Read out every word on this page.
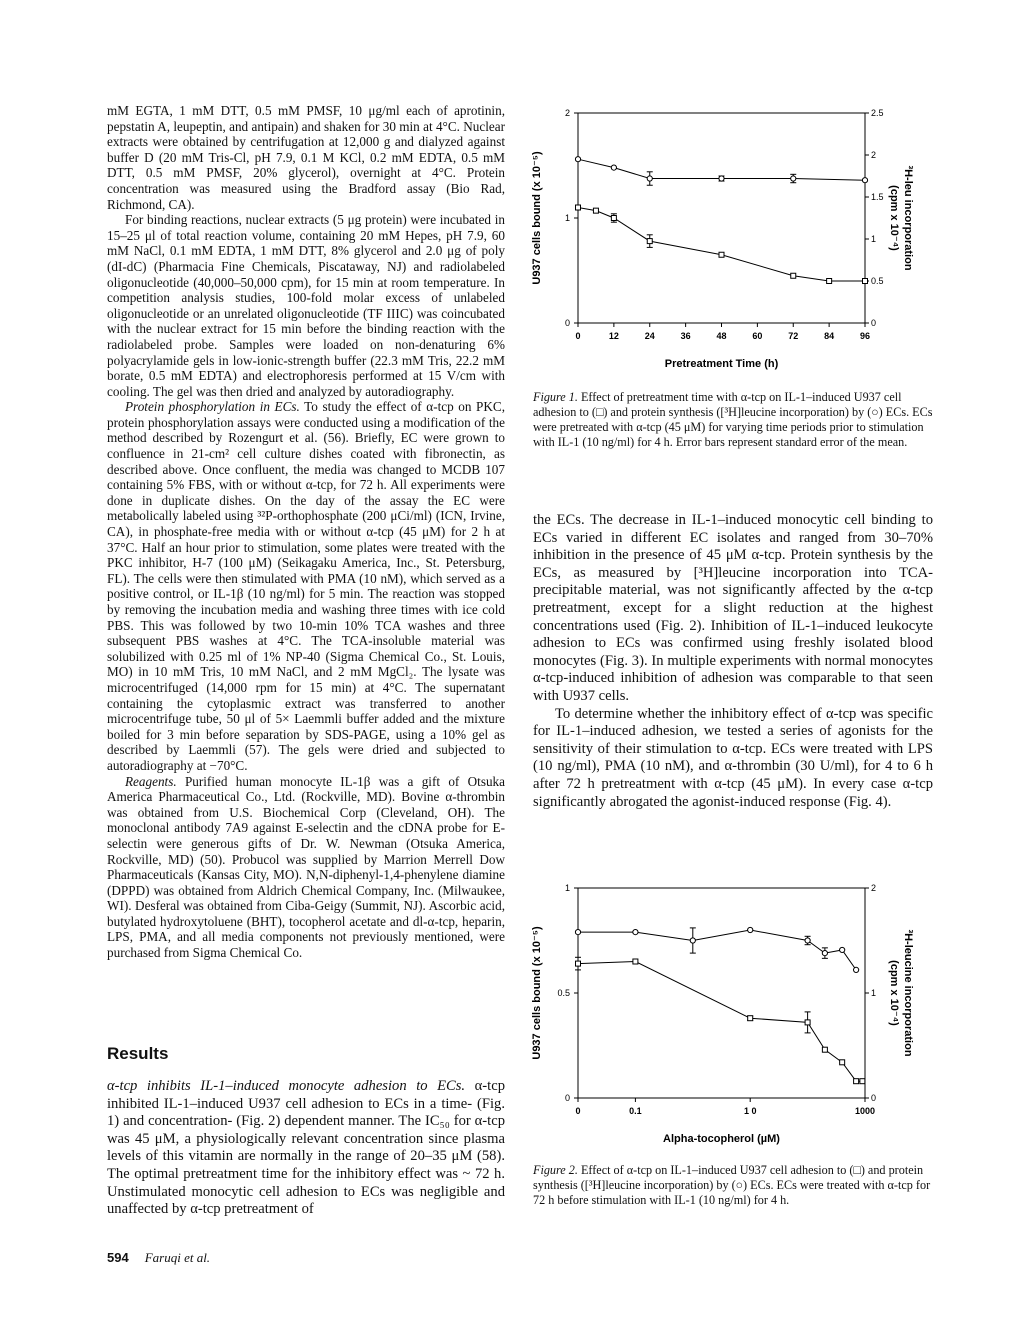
mM EGTA, 1 mM DTT, 0.5 mM PMSF, 10 μg/ml each of aprotinin, pepstatin A, leupeptin, and antipain) and shaken for 30 min at 4°C. Nuclear extracts were obtained by centrifugation at 12,000 g and dialyzed against buffer D (20 mM Tris-Cl, pH 7.9, 0.1 M KCl, 0.2 mM EDTA, 0.5 mM DTT, 0.5 mM PMSF, 20% glycerol), overnight at 4°C. Protein concentration was measured using the Bradford assay (Bio Rad, Richmond, CA).

For binding reactions, nuclear extracts (5 μg protein) were incubated in 15–25 μl of total reaction volume, containing 20 mM Hepes, pH 7.9, 60 mM NaCl, 0.1 mM EDTA, 1 mM DTT, 8% glycerol and 2.0 μg of poly (dI-dC) (Pharmacia Fine Chemicals, Piscataway, NJ) and radiolabeled oligonucleotide (40,000–50,000 cpm), for 15 min at room temperature. In competition analysis studies, 100-fold molar excess of unlabeled oligonucleotide or an unrelated oligonucleotide (TF IIIC) was coincubated with the nuclear extract for 15 min before the binding reaction with the radiolabeled probe. Samples were loaded on non-denaturing 6% polyacrylamide gels in low-ionic-strength buffer (22.3 mM Tris, 22.2 mM borate, 0.5 mM EDTA) and electrophoresis performed at 15 V/cm with cooling. The gel was then dried and analyzed by autoradiography.

Protein phosphorylation in ECs. To study the effect of α-tcp on PKC, protein phosphorylation assays were conducted using a modification of the method described by Rozengurt et al. (56). Briefly, EC were grown to confluence in 21-cm² cell culture dishes coated with fibronectin, as described above. Once confluent, the media was changed to MCDB 107 containing 5% FBS, with or without α-tcp, for 72 h. All experiments were done in duplicate dishes. On the day of the assay the EC were metabolically labeled using ³²P-orthophosphate (200 μCi/ml) (ICN, Irvine, CA), in phosphate-free media with or without α-tcp (45 μM) for 2 h at 37°C. Half an hour prior to stimulation, some plates were treated with the PKC inhibitor, H-7 (100 μM) (Seikagaku America, Inc., St. Petersburg, FL). The cells were then stimulated with PMA (10 nM), which served as a positive control, or IL-1β (10 ng/ml) for 5 min. The reaction was stopped by removing the incubation media and washing three times with ice cold PBS. This was followed by two 10-min 10% TCA washes and three subsequent PBS washes at 4°C. The TCA-insoluble material was solubilized with 0.25 ml of 1% NP-40 (Sigma Chemical Co., St. Louis, MO) in 10 mM Tris, 10 mM NaCl, and 2 mM MgCl₂. The lysate was microcentrifuged (14,000 rpm for 15 min) at 4°C. The supernatant containing the cytoplasmic extract was transferred to another microcentrifuge tube, 50 μl of 5× Laemmli buffer added and the mixture boiled for 3 min before separation by SDS-PAGE, using a 10% gel as described by Laemmli (57). The gels were dried and subjected to autoradiography at −70°C.

Reagents. Purified human monocyte IL-1β was a gift of Otsuka America Pharmaceutical Co., Ltd. (Rockville, MD). Bovine α-thrombin was obtained from U.S. Biochemical Corp (Cleveland, OH). The monoclonal antibody 7A9 against E-selectin and the cDNA probe for E-selectin were generous gifts of Dr. W. Newman (Otsuka America, Rockville, MD) (50). Probucol was supplied by Marrion Merrell Dow Pharmaceuticals (Kansas City, MO). N,N-diphenyl-1,4-phenylene diamine (DPPD) was obtained from Aldrich Chemical Company, Inc. (Milwaukee, WI). Desferal was obtained from Ciba-Geigy (Summit, NJ). Ascorbic acid, butylated hydroxytoluene (BHT), tocopherol acetate and dl-α-tcp, heparin, LPS, PMA, and all media components not previously mentioned, were purchased from Sigma Chemical Co.

Results

α-tcp inhibits IL-1–induced monocyte adhesion to ECs. α-tcp inhibited IL-1–induced U937 cell adhesion to ECs in a time- (Fig. 1) and concentration- (Fig. 2) dependent manner. The IC₅₀ for α-tcp was 45 μM, a physiologically relevant concentration since plasma levels of this vitamin are normally in the range of 20–35 μM (58). The optimal pretreatment time for the inhibitory effect was ~ 72 h. Unstimulated monocytic cell adhesion to ECs was negligible and unaffected by α-tcp pretreatment of

0	12	24	36	48	60	72	84	96
0
1
2
0
0.5
1
1.5
2
2.5
Pretreatment Time (h)
U937 cells bound (x 10⁻⁵)	³H-leu incorporation
(cpm x 10⁻⁴)
Figure 1. Effect of pretreatment time with α-tcp on IL-1–induced U937 cell adhesion to (□) and protein synthesis ([³H]leucine incorporation) by (○) ECs. ECs were pretreated with α-tcp (45 μM) for varying time periods prior to stimulation with IL-1 (10 ng/ml) for 4 h. Error bars represent standard error of the mean.

the ECs. The decrease in IL-1–induced monocytic cell binding to ECs varied in different EC isolates and ranged from 30–70% inhibition in the presence of 45 μM α-tcp. Protein synthesis by the ECs, as measured by [³H]leucine incorporation into TCA-precipitable material, was not significantly affected by the α-tcp pretreatment, except for a slight reduction at the highest concentrations used (Fig. 2). Inhibition of IL-1–induced leukocyte adhesion to ECs was confirmed using freshly isolated blood monocytes (Fig. 3). In multiple experiments with normal monocytes α-tcp-induced inhibition of adhesion was comparable to that seen with U937 cells.

To determine whether the inhibitory effect of α-tcp was specific for IL-1–induced adhesion, we tested a series of agonists for the sensitivity of their stimulation to α-tcp. ECs were treated with LPS (10 ng/ml), PMA (10 nM), and α-thrombin (30 U/ml), for 4 to 6 h after 72 h pretreatment with α-tcp (45 μM). In every case α-tcp significantly abrogated the agonist-induced response (Fig. 4).

0	0.1	1 0	1000
0
0.5
1
0
1
2
Alpha-tocopherol (µM)
U937 cells bound (x 10⁻⁵)	³H-leucine incorporation
(cpm x 10⁻⁴)
Figure 2. Effect of α-tcp on IL-1–induced U937 cell adhesion to (□) and protein synthesis ([³H]leucine incorporation) by (○) ECs. ECs were treated with α-tcp for 72 h before stimulation with IL-1 (10 ng/ml) for 4 h.
594 Faruqi et al.
